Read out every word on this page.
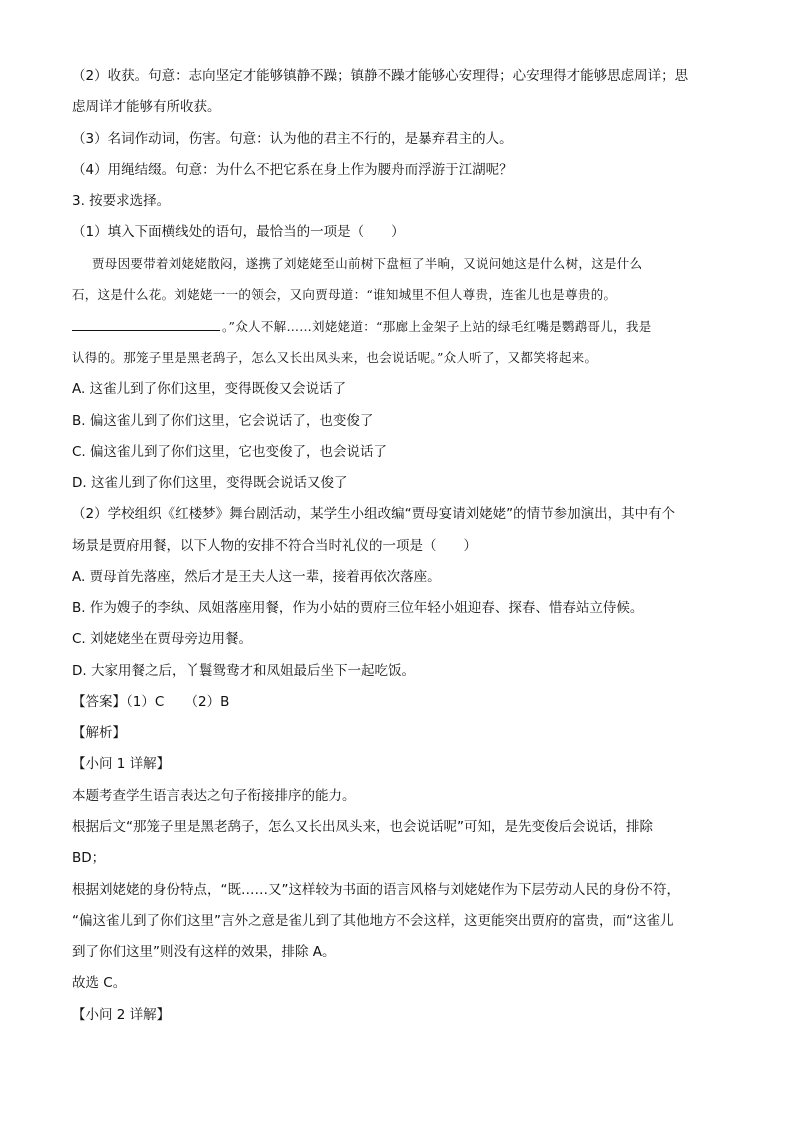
（2）收获。句意：志向坚定才能够镇静不躁；镇静不躁才能够心安理得；心安理得才能够思虑周详；思
虑周详才能够有所收获。
（3）名词作动词，伤害。句意：认为他的君主不行的，是暴弃君主的人。
（4）用绳结缀。句意：为什么不把它系在身上作为腰舟而浮游于江湖呢？
3. 按要求选择。
（1）填入下面横线处的语句，最恰当的一项是（　　）
贾母因要带着刘姥姥散闷，遂携了刘姥姥至山前树下盘桓了半晌，又说问她这是什么树，这是什么
石，这是什么花。刘姥姥一一的领会，又向贾母道：“谁知城里不但人尊贵，连雀儿也是尊贵的。
。”众人不解……刘姥姥道：“那廊上金架子上站的绿毛红嘴是鹦鹉哥儿，我是
认得的。那笼子里是黑老鸹子，怎么又长出凤头来，也会说话呢。”众人听了，又都笑将起来。
A. 这雀儿到了你们这里，变得既俊又会说话了
B. 偏这雀儿到了你们这里，它会说话了，也变俊了
C. 偏这雀儿到了你们这里，它也变俊了，也会说话了
D. 这雀儿到了你们这里，变得既会说话又俊了
（2）学校组织《红楼梦》舞台剧活动，某学生小组改编“贾母宴请刘姥姥”的情节参加演出，其中有个
场景是贾府用餐，以下人物的安排不符合当时礼仪的一项是（　　）
A. 贾母首先落座，然后才是王夫人这一辈，接着再依次落座。
B. 作为嫂子的李纨、凤姐落座用餐，作为小姑的贾府三位年轻小姐迎春、探春、惜春站立侍候。
C. 刘姥姥坐在贾母旁边用餐。
D. 大家用餐之后，丫鬟鸳鸯才和凤姐最后坐下一起吃饭。
【答案】（1）C　　（2）B
【解析】
【小问 1 详解】
本题考查学生语言表达之句子衔接排序的能力。
根据后文“那笼子里是黑老鸹子，怎么又长出凤头来，也会说话呢”可知，是先变俊后会说话，排除
BD；
根据刘姥姥的身份特点，“既……又”这样较为书面的语言风格与刘姥姥作为下层劳动人民的身份不符，
“偏这雀儿到了你们这里”言外之意是雀儿到了其他地方不会这样，这更能突出贾府的富贵，而“这雀儿
到了你们这里”则没有这样的效果，排除 A。
故选 C。
【小问 2 详解】
